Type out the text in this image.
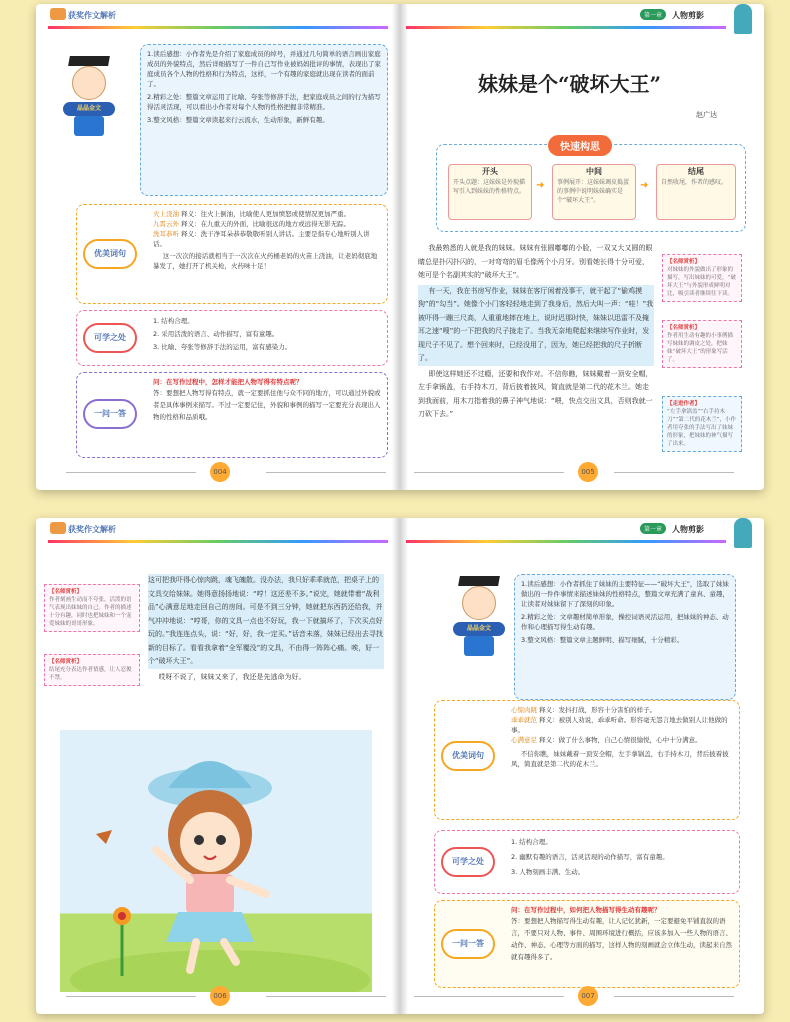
获奖作文解析
晶晶金文
1.读后感想：小作者先是介绍了家庭成员的绰号，并通过几句简单的语言画出家庭成员的外貌特点，然后详细描写了一件自己写作业被妈妈批评的事情，表现出了家庭成员各个人物的性格和行为特点，这样，一个有趣的家庭就出现在读者的面前了。
2.精彩之处：整篇文章运用了比喻、夸张等修辞手法，把家庭成员之间的行为描写得活灵活现，可以看出小作者对每个人物的性格把握非常精准。
3.整文风格：整篇文章读起来行云流水，生动形象，新鲜有趣。
优美词句
火上浇油 释义：往火上倒油，比喻使人更加愤怒或使情况更加严重。
九霄云外 释义：在九重天的外面，比喻很远的地方或远得无影无踪。
洗耳恭听 释义：洗干净耳朵恭恭敬敬听别人讲话。主要是指专心地听别人讲话。
这一次次的接话就相当于一次次在火药桶老妈的火苗上浇油，让老妈彻底地暴发了，她打开了机关枪，火药味十足！
可学之处
1. 结构合理。
2. 采用活泼的语言、动作描写，富有童趣。
3. 比喻、夸张等修辞手法的运用，富有感染力。
一问一答
问：在写作过程中，怎样才能把人物写得有特点呢？
答：要想把人物写得有特点，就一定要抓住他与众不同的地方，可以通过外貌或者是具体事例来描写。不过一定要记住，外貌和事例的描写一定要充分表现出人物的性格和品质哦。
004
第一章	人物剪影
妹妹是个“破坏大王”
赵广达
快速构思
开头
开头点题：这妹妹是外貌描写引入到妹妹的性格特点。
➜
中间
事例展开：这妹妹调皮捣蛋的事例中说明妹妹确实是个“破坏大王”。
➜
结尾
自然收尾，作者的感叹。

我最熟悉的人就是我的妹妹。妹妹有张圆嘟嘟的小脸，一双又大又圆的眼睛总是扑闪扑闪的，一对弯弯的眉毛像两个小月牙。别看她长得十分可爱，她可是个名副其实的“破坏大王”。

有一天，我在书房写作业，妹妹在客厅闲着没事干，就干起了“偷鸡摸狗”的“勾当”。她像个小门客轻轻地走到了我身后，然后大叫一声：“哇！”我被吓得一蹦三尺高，人重重地摔在地上，说时迟那时快，妹妹以迅雷不及掩耳之速“嗖”的一下把我的尺子拢走了。当我无奈地爬起来继续写作业时，发现尺子不见了。想个回来时，已经没用了，因为，她已经把我的尺子折断了。

即使这样她还不过瘾，还要和我作对。不信你瞧，妹妹戴着一顶安全帽，左手拿锅盖，右手持木刀，背后披着披风，简直就是第二代的花木兰。她走到我面前，用木刀指着我的鼻子神气地说：“喂，快点交出文具，否则我就一刀砍下去。”

【名师赏析】
对妹妹的外貌做出了形象的描写，写出妹妹的可爱，“破坏大王”与外貌形成鲜明对比，吸引读者继续往下读。
【名师赏析】
作者用生动有趣的小事例描写妹妹的调皮之处，把妹妹“破坏大王”的形象写活了。
【走进作者】
“左手拿锅盖”“右手持木刀”“第二代的花木兰”，小作者用夸张的手法写出了妹妹的形象，把妹妹的神气描写了出来。
005
获奖作文解析
【名师赏析】
作者刻画生动而不夸张，活泼的语气表现出妹妹的自己。作者的描述十分有趣，同时也把妹妹和一个宠爱妹妹的哥哥形象。
【名师赏析】
结尾充分表达作者情感，让人忍俊不禁。

这可把我吓得心惊肉跳，魂飞魄散。没办法，我只好乖乖就范，把桌子上的文具交给妹妹。她得意扬扬地说：“哼！这还差不多。”说完，她就带着“战利品”心满意足地走回自己的房间。可是不到三分钟，她就把东西扔还给我，并气冲冲地说：“哼哥，你的文具一点也不好玩，我一下就搞坏了，下次买点好玩的。”我连连点头，说：“好，好，我一定买。”话音未落，妹妹已经出去寻找新的目标了。看看我拿着“全军覆没”的文具，不由得一阵阵心痛。唉，好一个“破坏大王”。

哎呀不说了，妹妹又来了，我还是先逃命为好。

006
第一章	人物剪影
晶晶金文
1.读后感想：小作者抓住了妹妹的主要特征——“破坏大王”，选取了妹妹做出的一件件事情来描述妹妹的性格特点，整篇文章充满了童真、童趣，让读者对妹妹留下了深刻的印象。
2.精彩之处：文章趣材简单形象，操控词语灵活运用，把妹妹的神态、动作和心理描写得生动有趣。
3.整文风格：整篇文章主题鲜明、描写细腻，十分精彩。
优美词句
心惊肉跳 释义：发抖打战，形容十分害怕的样子。
乖乖就范 释义：被别人劝说，乖乖听命。形容毫无怨言地去做别人让他做的事。
心满意足 释义：做了什么事物，自己心情很愉悦，心中十分满意。
不信你瞧，妹妹戴着一顶安全帽，左手拿锅盖，右手持木刀，背后披着披风，简直就是第二代的花木兰。
可学之处
1. 结构合理。
2. 幽默有趣的语言，活灵活现的动作描写，富有童趣。
3. 人物刻画丰满、生动。
一问一答
问：在写作过程中，如何把人物描写得生动有趣呢？
答：要想把人物描写得生动有趣，让人记忆犹新，一定要避免平铺直叙的语言，不要只对人物、事件、周围环境进行概括，应该多加入一些人物的语言、动作、神态、心理等方面的描写，这样人物的刻画就会立体生动，读起来自然就有趣得多了。
007
